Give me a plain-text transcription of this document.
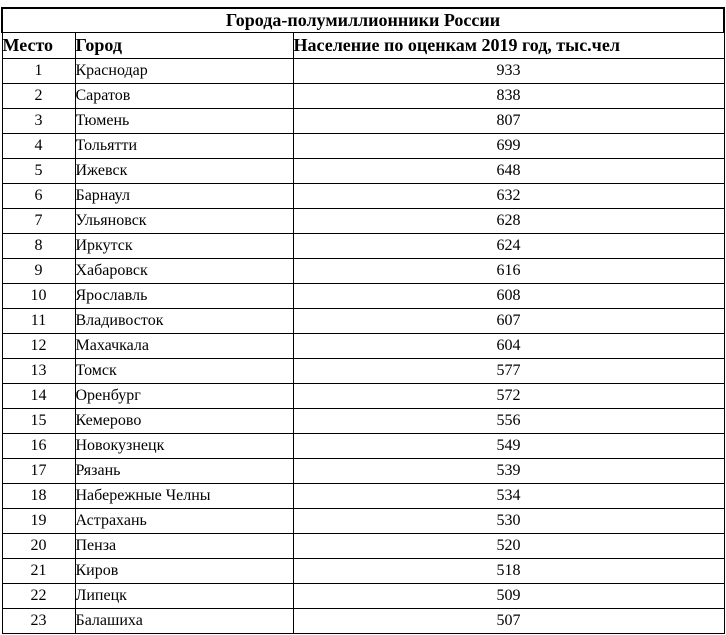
Города-полумиллионники России		
Место	Город	Население по оценкам 2019 год, тыс.чел
1	Краснодар	933
2	Саратов	838
3	Тюмень	807
4	Тольятти	699
5	Ижевск	648
6	Барнаул	632
7	Ульяновск	628
8	Иркутск	624
9	Хабаровск	616
10	Ярославль	608
11	Владивосток	607
12	Махачкала	604
13	Томск	577
14	Оренбург	572
15	Кемерово	556
16	Новокузнецк	549
17	Рязань	539
18	Набережные Челны	534
19	Астрахань	530
20	Пенза	520
21	Киров	518
22	Липецк	509
23	Балашиха	507
